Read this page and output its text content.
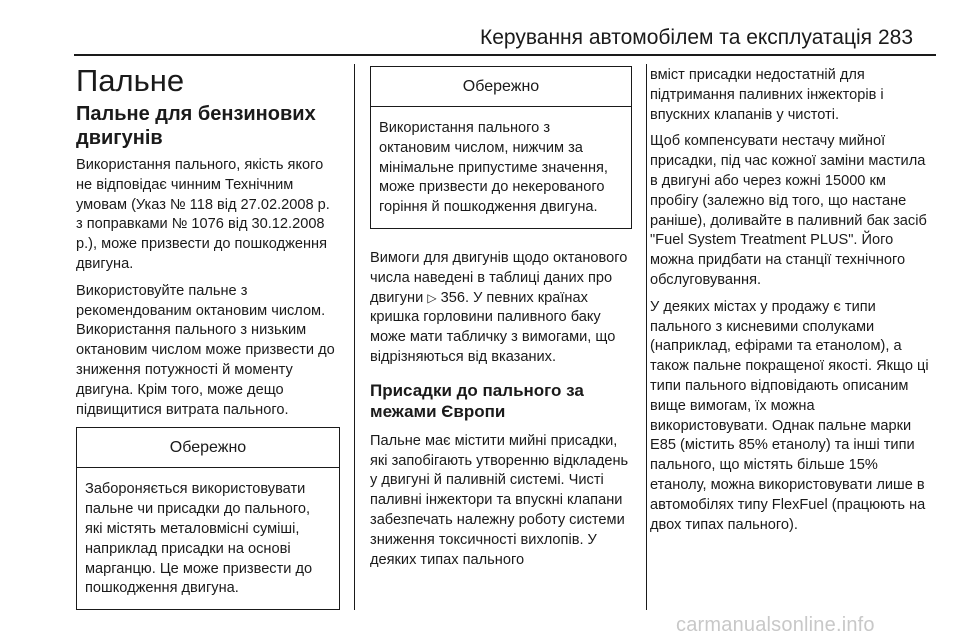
Керування автомобілем та експлуатація 283
Пальне
Пальне для бензинових двигунів

Використання пального, якість якого не відповідає чинним Технічним умовам (Указ № 118 від 27.02.2008 р. з поправками № 1076 від 30.12.2008 р.), може призвести до пошкодження двигуна.

Використовуйте пальне з рекомендованим октановим числом. Використання пального з низьким октановим числом може призвести до зниження потужності й моменту двигуна. Крім того, може дещо підвищитися витрата пального.

Обережно
Забороняється використовувати пальне чи присадки до пального, які містять металовмісні суміші, наприклад присадки на основі марганцю. Це може призвести до пошкодження двигуна.
Обережно
Використання пального з октановим числом, нижчим за мінімальне припустиме значення, може призвести до некерованого горіння й пошкодження двигуна.

Вимоги для двигунів щодо октанового числа наведені в таблиці даних про двигуни ▷ 356. У певних країнах кришка горловини паливного баку може мати табличку з вимогами, що відрізняються від вказаних.

Присадки до пального за межами Європи

Пальне має містити мийні присадки, які запобігають утворенню відкладень у двигуні й паливній системі. Чисті паливні інжектори та впускні клапани забезпечать належну роботу системи зниження токсичності вихлопів. У деяких типах пального

вміст присадки недостатній для підтримання паливних інжекторів і впускних клапанів у чистоті.

Щоб компенсувати нестачу мийної присадки, під час кожної заміни мастила в двигуні або через кожні 15000 км пробігу (залежно від того, що настане раніше), доливайте в паливний бак засіб "Fuel System Treatment PLUS". Його можна придбати на станції технічного обслуговування.

У деяких містах у продажу є типи пального з кисневими сполуками (наприклад, ефірами та етанолом), а також пальне покращеної якості. Якщо ці типи пального відповідають описаним вище вимогам, їх можна використовувати. Однак пальне марки E85 (містить 85% етанолу) та інші типи пального, що містять більше 15% етанолу, можна використовувати лише в автомобілях типу FlexFuel (працюють на двох типах пального).

carmanualsonline.info
